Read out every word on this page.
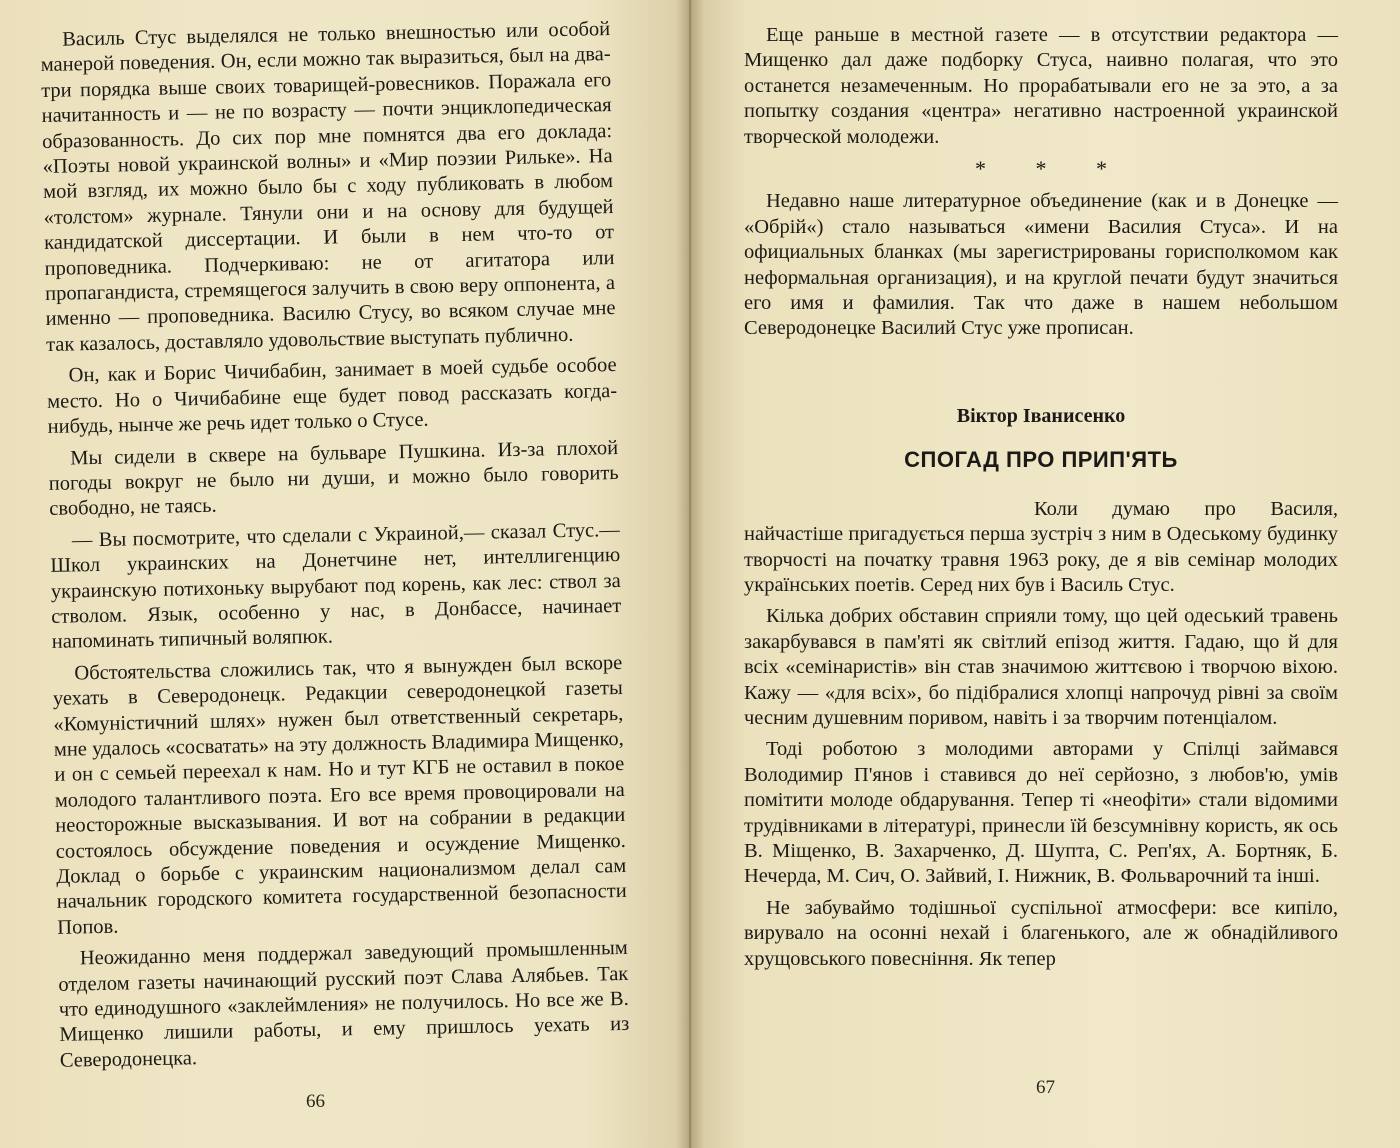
Василь Стус выделялся не только внешностью или особой манерой поведения. Он, если можно так выразиться, был на два-три порядка выше своих товарищей-ровесников. Поражала его начитанность и — не по возрасту — почти энциклопедическая образованность. До сих пор мне помнятся два его доклада: «Поэты новой украинской волны» и «Мир поэзии Рильке». На мой взгляд, их можно было бы с ходу публиковать в любом «толстом» журнале. Тянули они и на основу для будущей кандидатской диссертации. И были в нем что-то от проповедника. Подчеркиваю: не от агитатора или пропагандиста, стремящегося залучить в свою веру оппонента, а именно — проповедника. Василю Стусу, во всяком случае мне так казалось, доставляло удовольствие выступать публично.

Он, как и Борис Чичибабин, занимает в моей судьбе особое место. Но о Чичибабине еще будет повод рассказать когда-нибудь, нынче же речь идет только о Стусе.

Мы сидели в сквере на бульваре Пушкина. Из-за плохой погоды вокруг не было ни души, и можно было говорить свободно, не таясь.

— Вы посмотрите, что сделали с Украиной,— сказал Стус.— Школ украинских на Донетчине нет, интеллигенцию украинскую потихоньку вырубают под корень, как лес: ствол за стволом. Язык, особенно у нас, в Донбассе, начинает напоминать типичный воляпюк.

Обстоятельства сложились так, что я вынужден был вскоре уехать в Северодонецк. Редакции северодонецкой газеты «Комуністичний шлях» нужен был ответственный секретарь, мне удалось «сосватать» на эту должность Владимира Мищенко, и он с семьей переехал к нам. Но и тут КГБ не оставил в покое молодого талантливого поэта. Его все время провоцировали на неосторожные высказывания. И вот на собрании в редакции состоялось обсуждение поведения и осуждение Мищенко. Доклад о борьбе с украинским национализмом делал сам начальник городского комитета государственной безопасности Попов.

Неожиданно меня поддержал заведующий промышленным отделом газеты начинающий русский поэт Слава Алябьев. Так что единодушного «заклеймления» не получилось. Но все же В. Мищенко лишили работы, и ему пришлось уехать из Северодонецка.

66

Еще раньше в местной газете — в отсутствии редактора — Мищенко дал даже подборку Стуса, наивно полагая, что это останется незамеченным. Но прорабатывали его не за это, а за попытку создания «центра» негативно настроенной украинской творческой молодежи.

* * *

Недавно наше литературное объединение (как и в Донецке — «Обрій«) стало называться «имени Василия Стуса». И на официальных бланках (мы зарегистрированы горисполкомом как неформальная организация), и на круглой печати будут значиться его имя и фамилия. Так что даже в нашем небольшом Северодонецке Василий Стус уже прописан.

Віктор Іванисенко
СПОГАД ПРО ПРИП'ЯТЬ

Коли думаю про Василя, найчастіше пригадується перша зустріч з ним в Одеському будинку творчості на початку травня 1963 року, де я вів семінар молодих українських поетів. Серед них був і Василь Стус.

Кілька добрих обставин сприяли тому, що цей одеський травень закарбувався в пам'яті як світлий епізод життя. Гадаю, що й для всіх «семінаристів» він став значимою життєвою і творчою віхою. Кажу — «для всіх», бо підібралися хлопці напрочуд рівні за своїм чесним душевним поривом, навіть і за творчим потенціалом.

Тоді роботою з молодими авторами у Спілці займався Володимир П'янов і ставився до неї серйозно, з любов'ю, умів помітити молоде обдарування. Тепер ті «неофіти» стали відомими трудівниками в літературі, принесли їй безсумнівну користь, як ось В. Міщенко, В. Захарченко, Д. Шупта, С. Реп'ях, А. Бортняк, Б. Нечерда, М. Сич, О. Зайвий, І. Нижник, В. Фольварочний та інші.

Не забуваймо тодішньої суспільної атмосфери: все кипіло, вирувало на осонні нехай і благенького, але ж обнадійливого хрущовського повесніння. Як тепер

67
